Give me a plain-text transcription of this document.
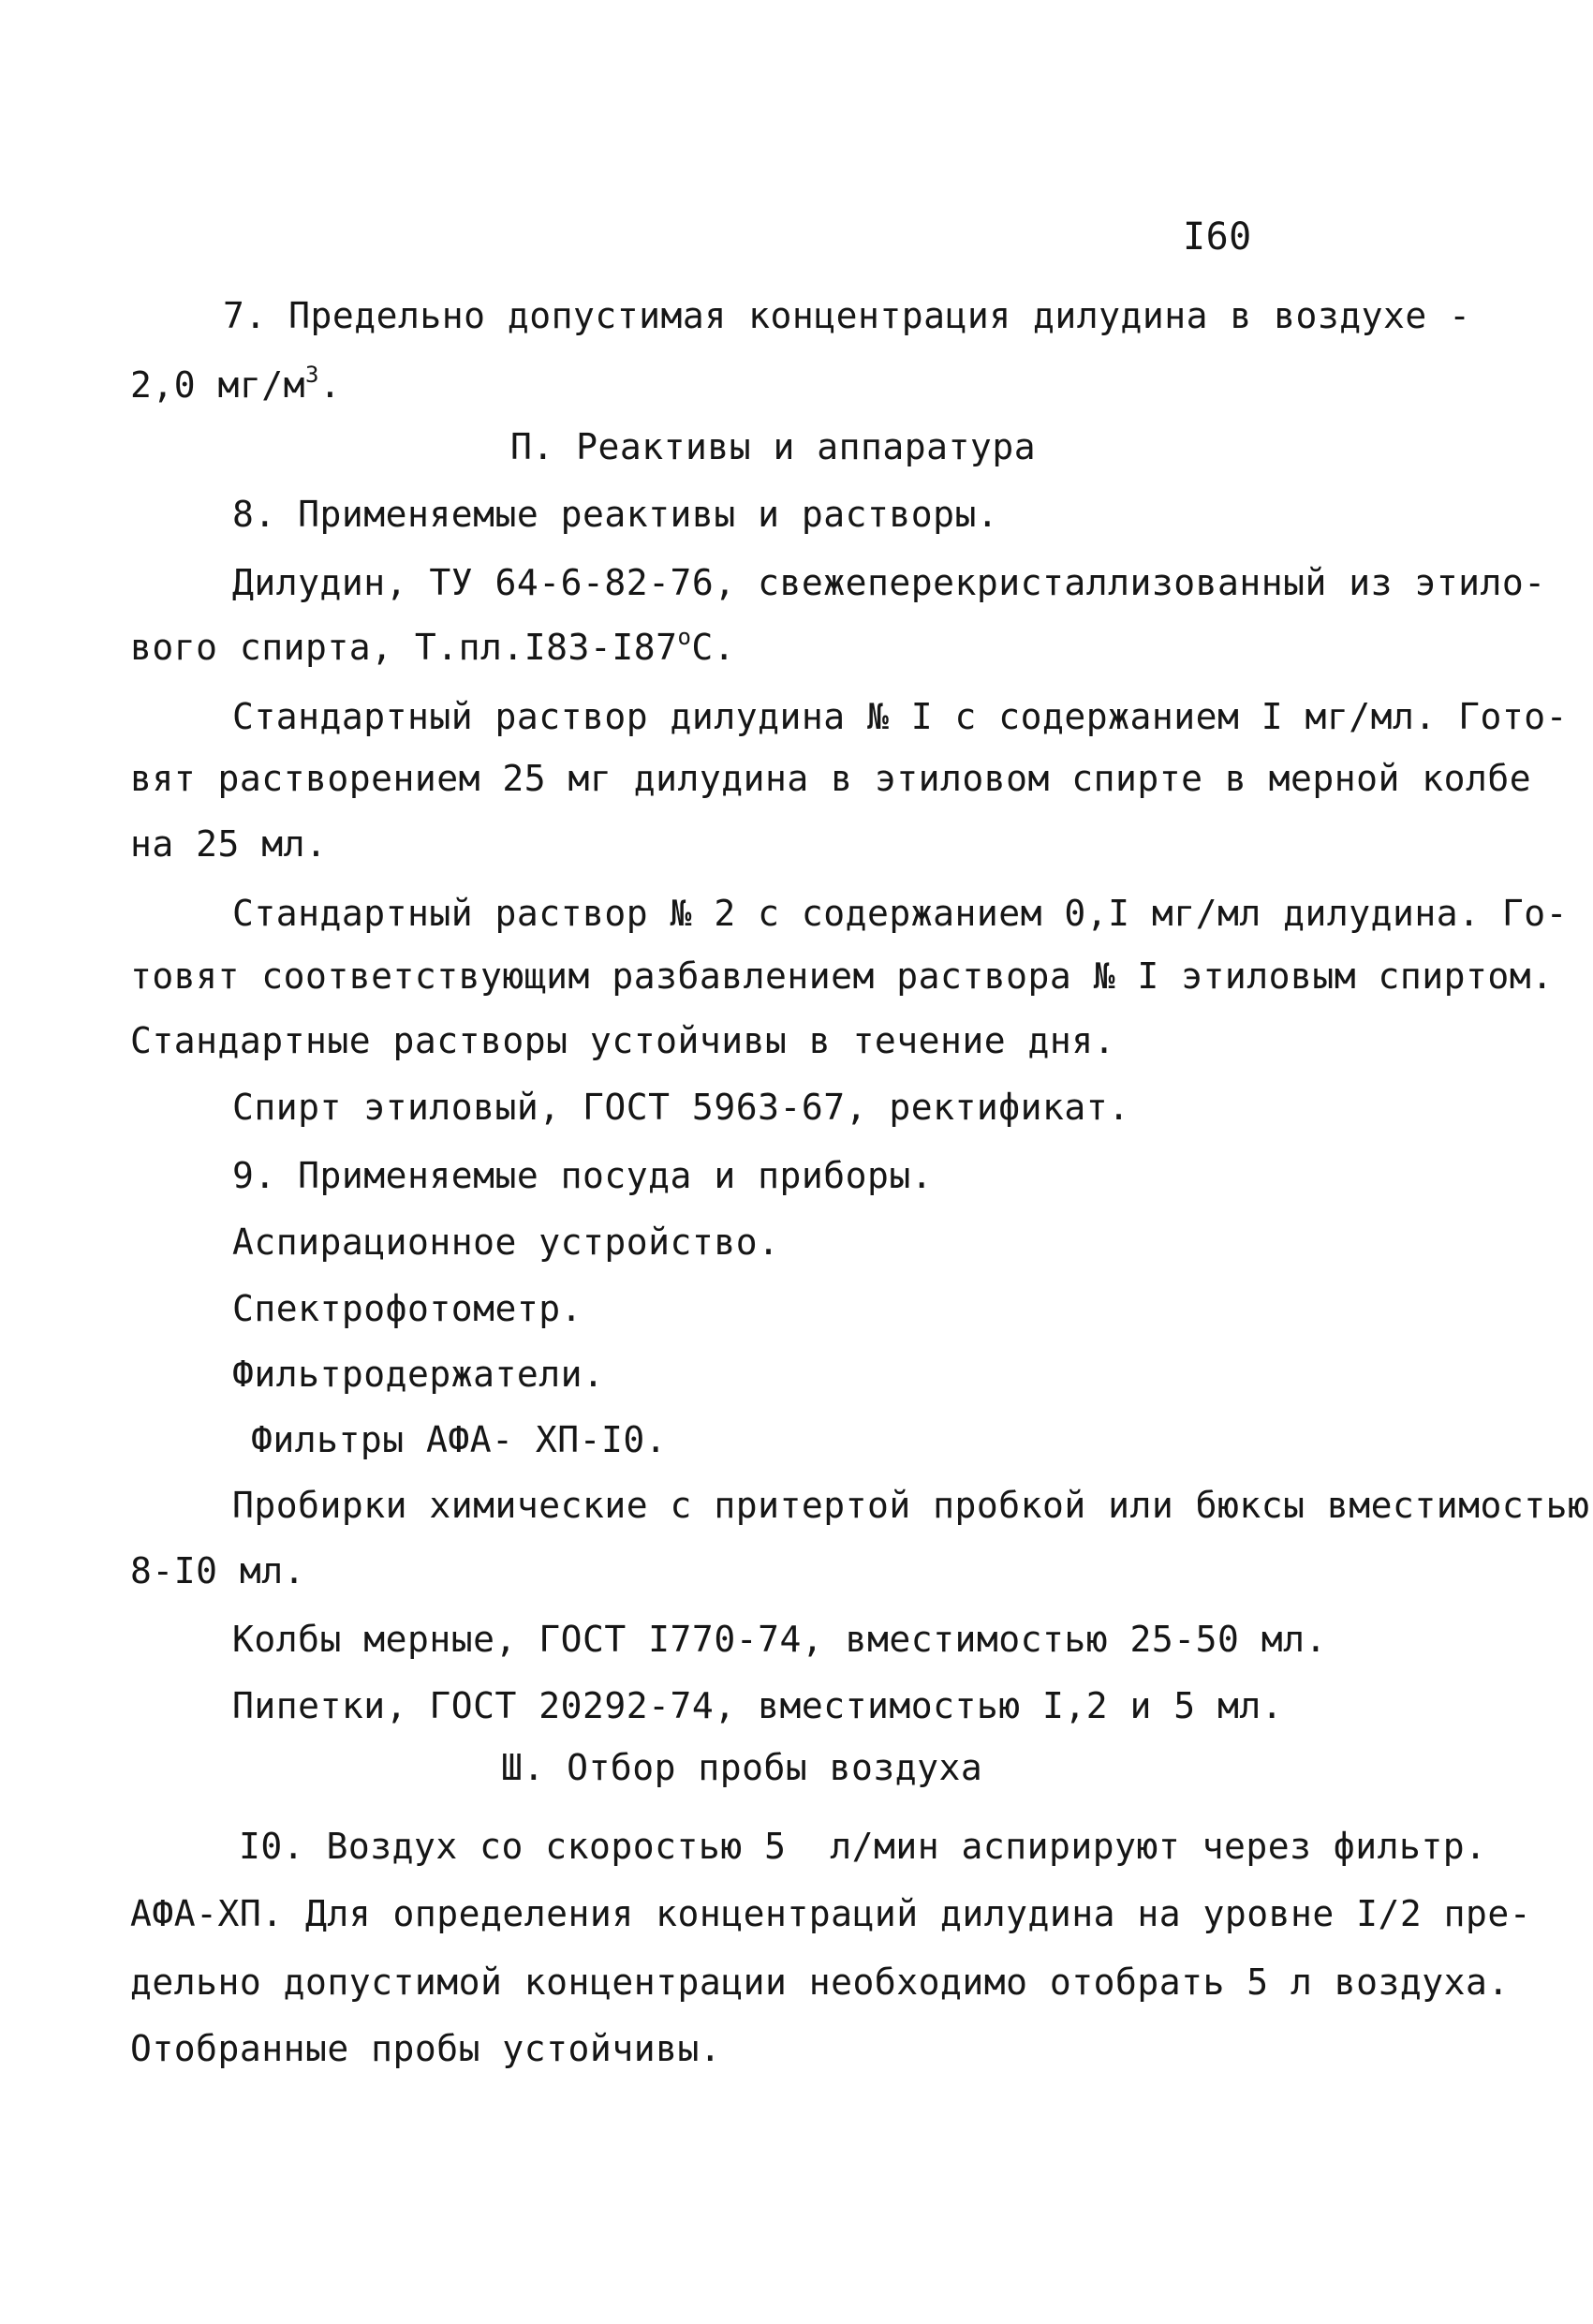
I60
7. Предельно допустимая концентрация дилудина в воздухе -
2,0 $мг/м^3$.
П. Реактивы и аппаратура
8. Применяемые реактивы и растворы.
Дилудин, ТУ 64-6-82-76, свежеперекристаллизованный из этило-
вого спирта, $Т.пл.I83-I87^оС$.
Стандартный раствор дилудина № I с содержанием I мг/мл. Гото-
вят растворением 25 мг дилудина в этиловом спирте в мерной колбе
на 25 мл.
Стандартный раствор № 2 с содержанием 0,I мг/мл дилудина. Го-
товят соответствующим разбавлением раствора № I этиловым спиртом.
Стандартные растворы устойчивы в течение дня.
Спирт этиловый, ГОСТ 5963-67, ректификат.
9. Применяемые посуда и приборы.
Аспирационное устройство.
Спектрофотометр.
Фильтродержатели.
Фильтры АФА- ХП-I0.
Пробирки химические с притертой пробкой или бюксы вместимостью
8-I0 мл.
Колбы мерные, ГОСТ I770-74, вместимостью 25-50 мл.
Пипетки, ГОСТ 20292-74, вместимостью I,2 и 5 мл.
Ш. Отбор пробы воздуха
I0. Воздух со скоростью 5  л/мин аспирируют через фильтр.
АФА-ХП. Для определения концентраций дилудина на уровне I/2 пре-
дельно допустимой концентрации необходимо отобрать 5 л воздуха.
Отобранные пробы устойчивы.
